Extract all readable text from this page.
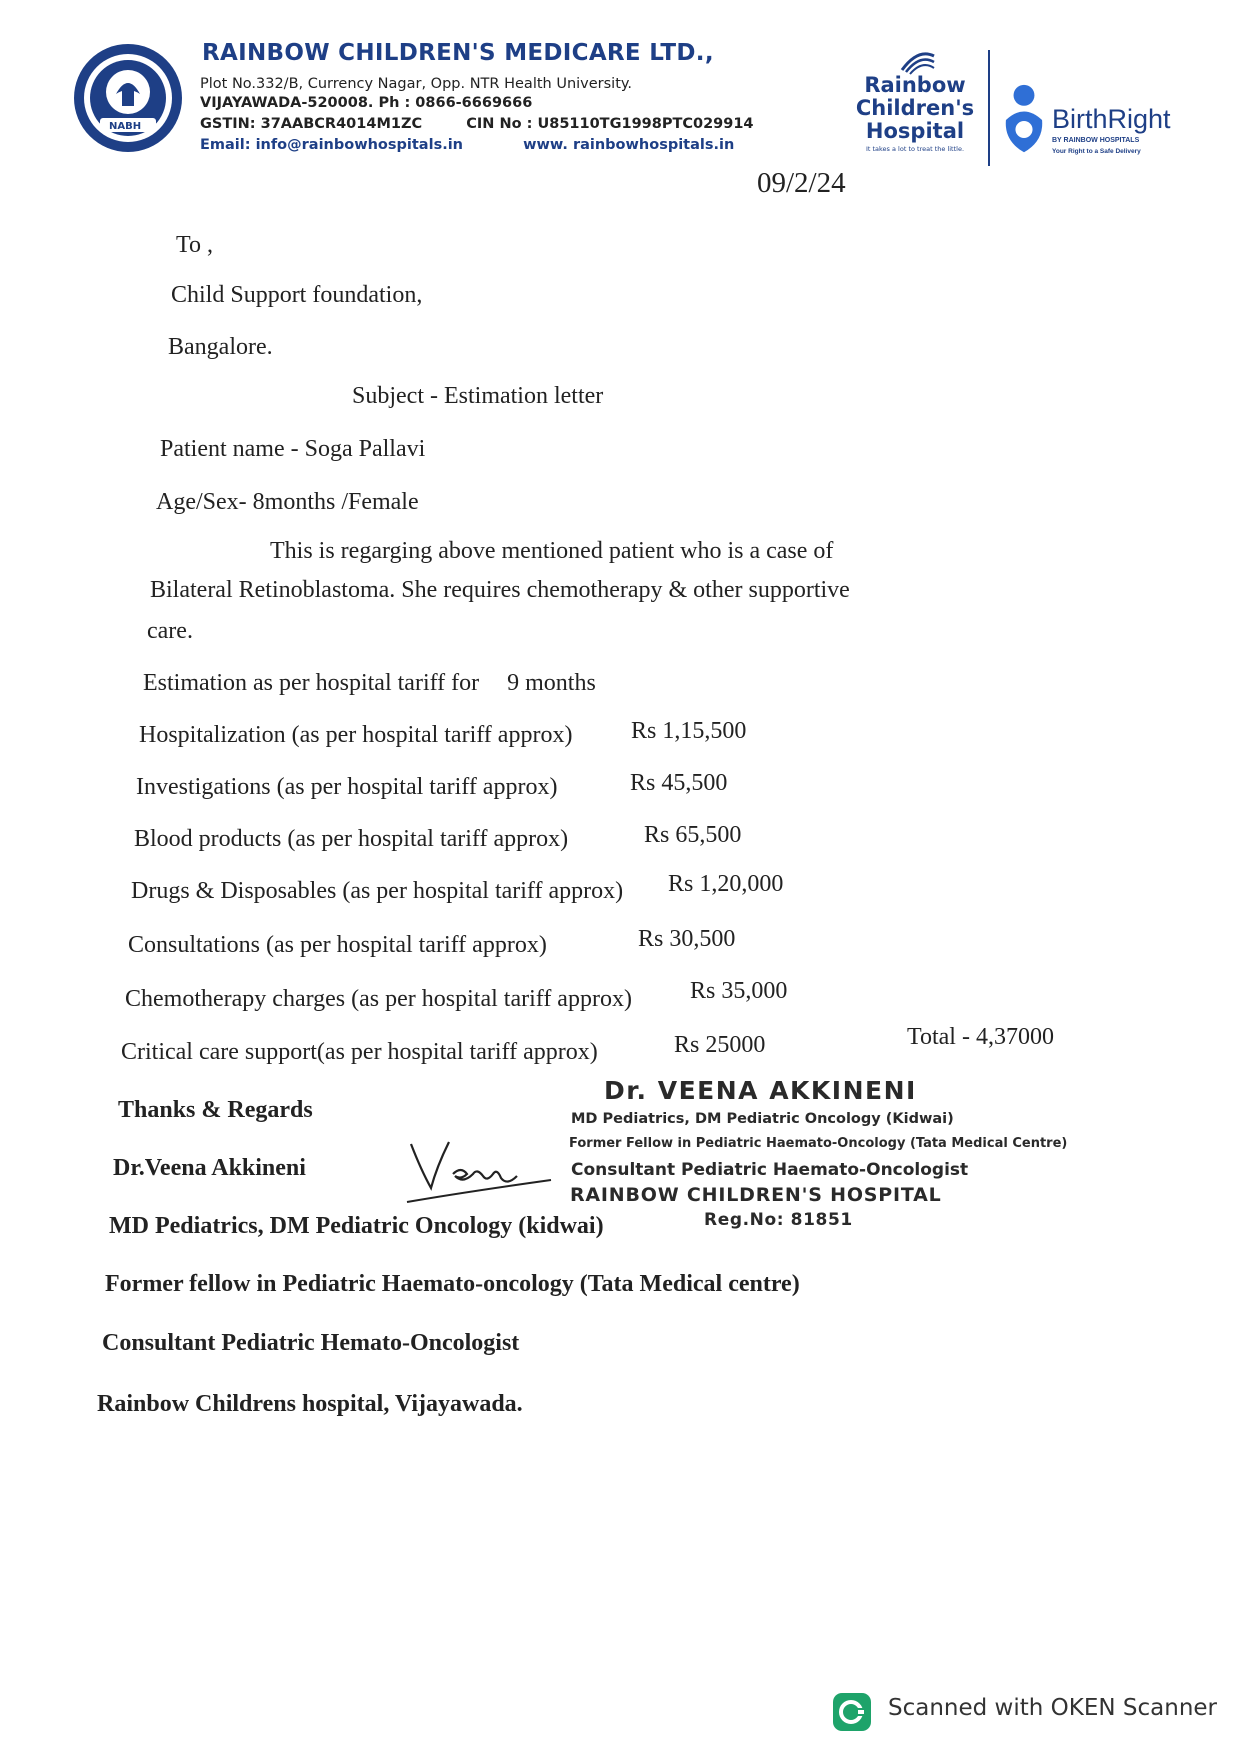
NABH
RAINBOW CHILDREN'S MEDICARE LTD.,
Plot No.332/B, Currency Nagar, Opp. NTR Health University.
VIJAYAWADA-520008. Ph : 0866-6669666
GSTIN: 37AABCR4014M1ZC	CIN No : U85110TG1998PTC029914
Email: info@rainbowhospitals.in	www. rainbowhospitals.in
Rainbow
Children's
Hospital
It takes a lot to treat the little.
BirthRight
BY RAINBOW HOSPITALS
Your Right to a Safe Delivery
09/2/24
To ,
Child Support foundation,
Bangalore.
Subject - Estimation letter
Patient name - Soga Pallavi
Age/Sex- 8months /Female
This is regarging above mentioned patient who is a case of
Bilateral Retinoblastoma. She requires chemotherapy & other supportive
care.
Estimation as per hospital tariff for 9 months
Hospitalization (as per hospital tariff approx) Rs 1,15,500
Investigations (as per hospital tariff approx)	Rs 45,500
Blood products (as per hospital tariff approx)	Rs 65,500
Drugs & Disposables (as per hospital tariff approx) Rs 1,20,000
Consultations (as per hospital tariff approx)	Rs 30,500
Chemotherapy charges (as per hospital tariff approx) Rs 35,000
Critical care support(as per hospital tariff approx)	Rs 25000	Total - 4,37000
Thanks & Regards
Dr.Veena Akkineni
MD Pediatrics, DM Pediatric Oncology (kidwai)
Former fellow in Pediatric Haemato-oncology (Tata Medical centre)
Consultant Pediatric Hemato-Oncologist
Rainbow Childrens hospital, Vijayawada.
Dr. VEENA AKKINENI
MD Pediatrics, DM Pediatric Oncology (Kidwai)
Former Fellow in Pediatric Haemato-Oncology (Tata Medical Centre)
Consultant Pediatric Haemato-Oncologist
RAINBOW CHILDREN'S HOSPITAL
Reg.No: 81851
Scanned with OKEN Scanner
